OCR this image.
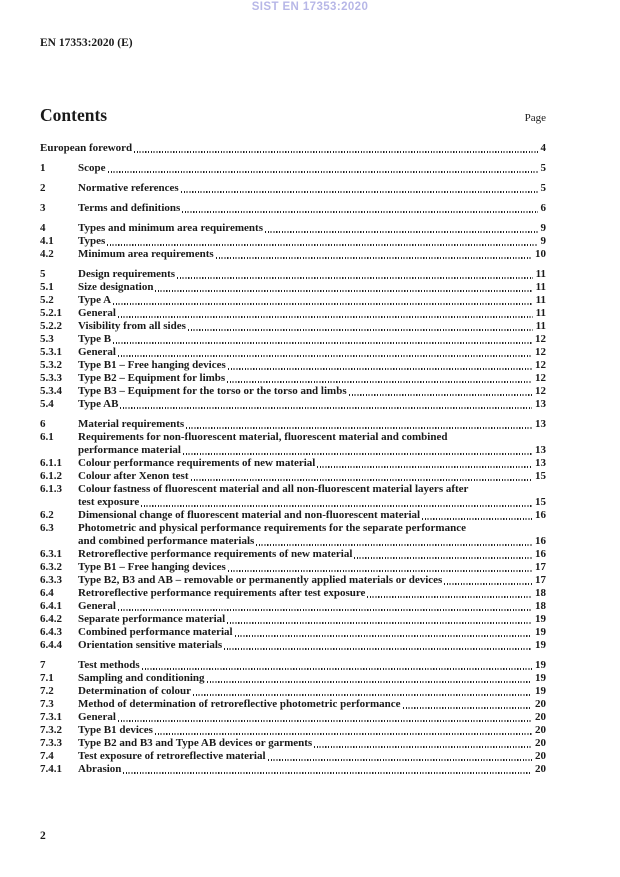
SIST EN 17353:2020
EN 17353:2020 (E)
Contents	Page
European foreword	4
1	Scope	5
2	Normative references	5
3	Terms and definitions	6
4	Types and minimum area requirements	9
4.1	Types	9
4.2	Minimum area requirements	10
5	Design requirements	11
5.1	Size designation	11
5.2	Type A	11
5.2.1	General	11
5.2.2	Visibility from all sides	11
5.3	Type B	12
5.3.1	General	12
5.3.2	Type B1 – Free hanging devices	12
5.3.3	Type B2 – Equipment for limbs	12
5.3.4	Type B3 – Equipment for the torso or the torso and limbs	12
5.4	Type AB	13
6	Material requirements	13
6.1	Requirements for non-fluorescent material, fluorescent material and combined
performance material	13
6.1.1	Colour performance requirements of new material	13
6.1.2	Colour after Xenon test	15
6.1.3	Colour fastness of fluorescent material and all non-fluorescent material layers after
test exposure	15
6.2	Dimensional change of fluorescent material and non-fluorescent material	16
6.3	Photometric and physical performance requirements for the separate performance
and combined performance materials	16
6.3.1	Retroreflective performance requirements of new material	16
6.3.2	Type B1 – Free hanging devices	17
6.3.3	Type B2, B3 and AB – removable or permanently applied materials or devices	17
6.4	Retroreflective performance requirements after test exposure	18
6.4.1	General	18
6.4.2	Separate performance material	19
6.4.3	Combined performance material	19
6.4.4	Orientation sensitive materials	19
7	Test methods	19
7.1	Sampling and conditioning	19
7.2	Determination of colour	19
7.3	Method of determination of retroreflective photometric performance	20
7.3.1	General	20
7.3.2	Type B1 devices	20
7.3.3	Type B2 and B3 and Type AB devices or garments	20
7.4	Test exposure of retroreflective material	20
7.4.1	Abrasion	20
2
